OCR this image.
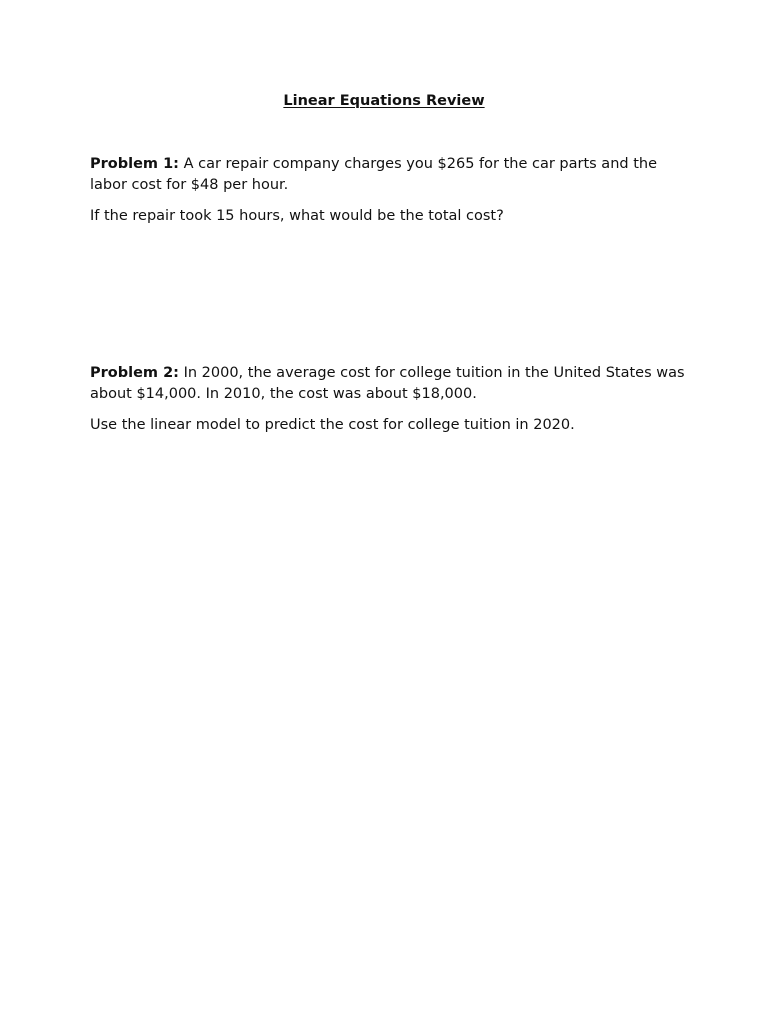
Linear Equations Review

Problem 1: A car repair company charges you $265 for the car parts and the labor cost for $48 per hour.

If the repair took 15 hours, what would be the total cost?

Problem 2: In 2000, the average cost for college tuition in the United States was about $14,000. In 2010, the cost was about $18,000.

Use the linear model to predict the cost for college tuition in 2020.
